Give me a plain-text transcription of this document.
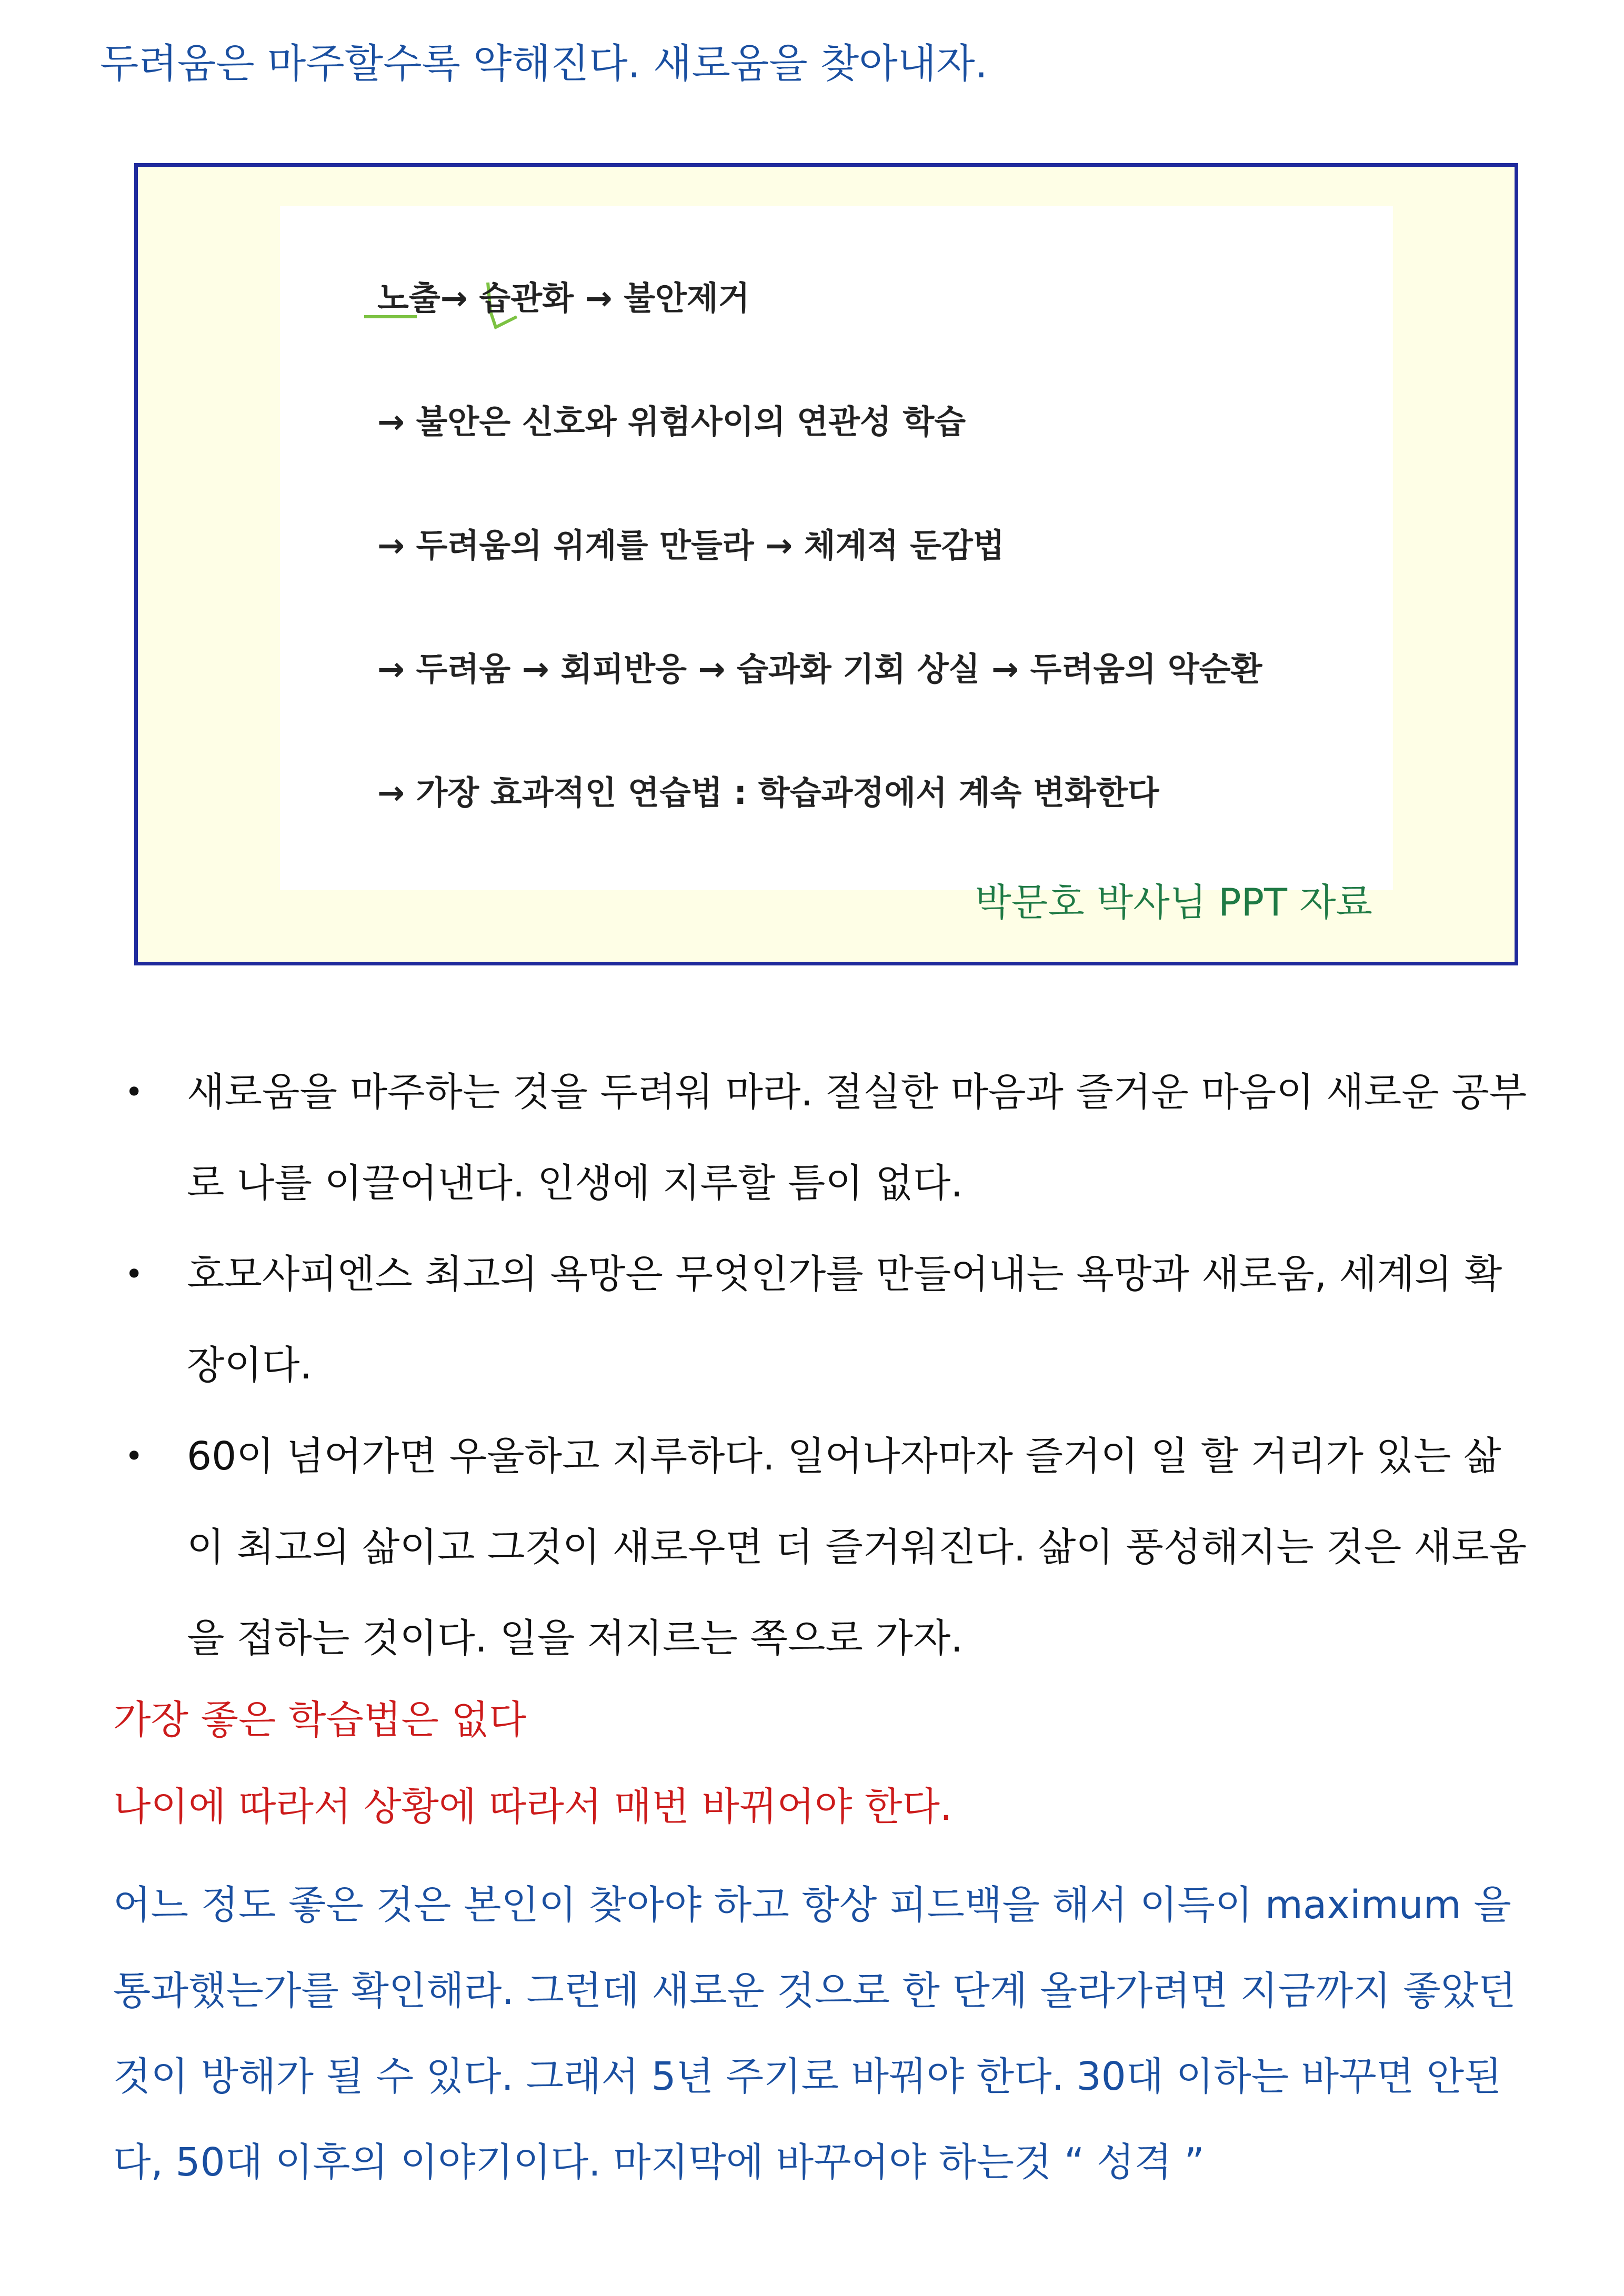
두려움은 마주할수록 약해진다. 새로움을 찾아내자.
노출→ 습관화 → 불안제거
→ 불안은 신호와 위험사이의 연관성 학습
→ 두려움의 위계를 만들라 → 체계적 둔감법
→ 두려움 → 회피반응 → 습과화 기회 상실 → 두려움의 악순환
→ 가장 효과적인 연습법 : 학습과정에서 계속 변화한다
박문호 박사님 PPT 자료
• 새로움을 마주하는 것을 두려워 마라. 절실한 마음과 즐거운 마음이 새로운 공부로 나를 이끌어낸다. 인생에 지루할 틈이 없다.
• 호모사피엔스 최고의 욕망은 무엇인가를 만들어내는 욕망과 새로움, 세계의 확장이다.
• 60이 넘어가면 우울하고 지루하다. 일어나자마자 즐거이 일 할 거리가 있는 삶이 최고의 삶이고 그것이 새로우면 더 즐거워진다. 삶이 풍성해지는 것은 새로움을 접하는 것이다. 일을 저지르는 쪽으로 가자.
가장 좋은 학습법은 없다
나이에 따라서 상황에 따라서 매번 바뀌어야 한다.

어느 정도 좋은 것은 본인이 찾아야 하고 항상 피드백을 해서 이득이 maximum 을 통과했는가를 확인해라. 그런데 새로운 것으로 한 단계 올라가려면 지금까지 좋았던 것이 방해가 될 수 있다. 그래서 5년 주기로 바꿔야 한다. 30대 이하는 바꾸면 안된다, 50대 이후의 이야기이다. 마지막에 바꾸어야 하는것 “ 성격 ”
